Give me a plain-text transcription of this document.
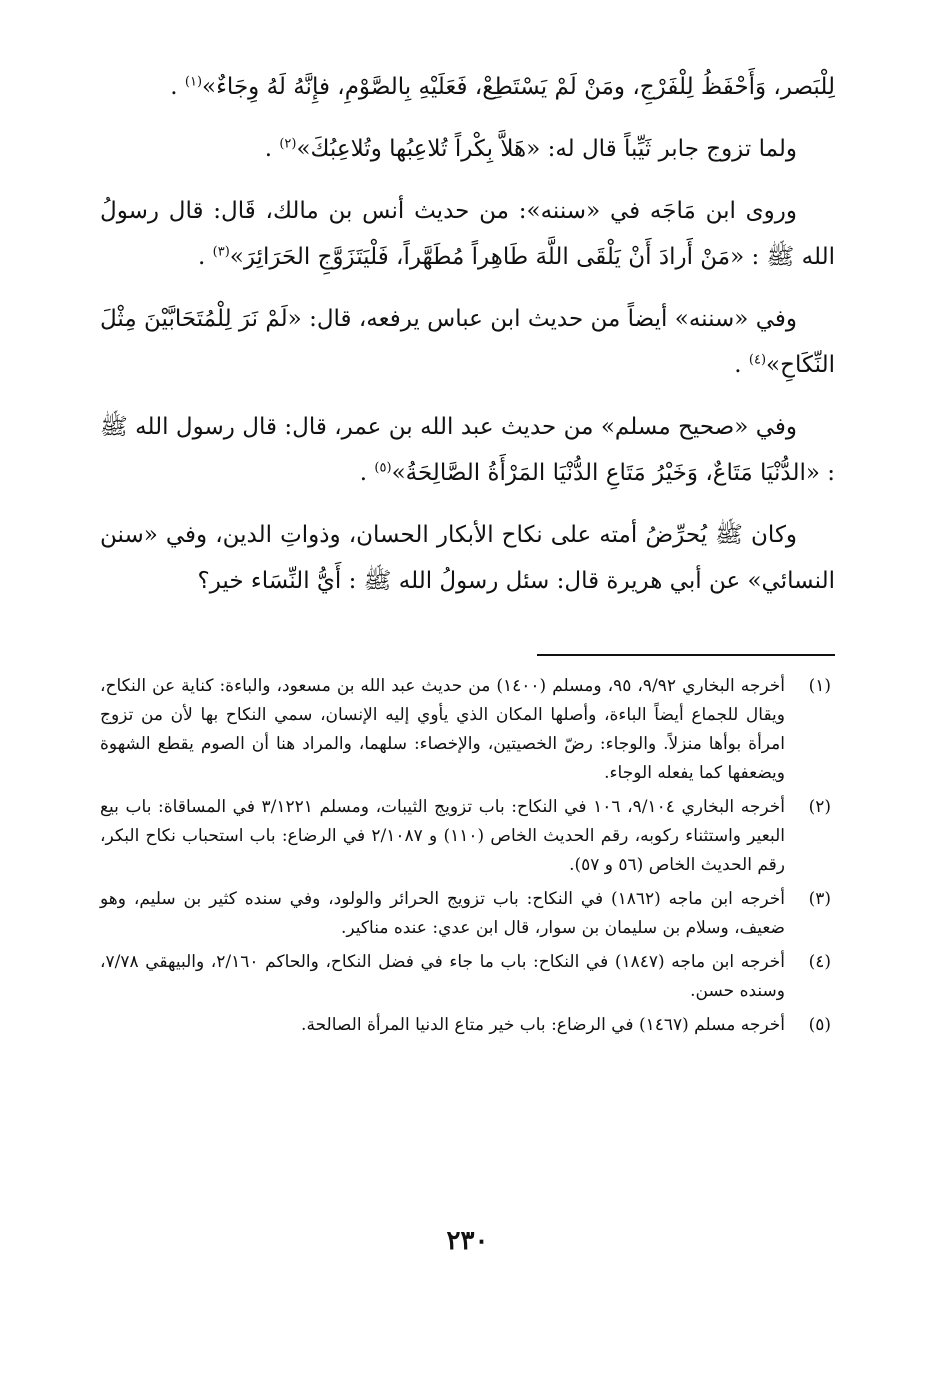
لِلْبَصر، وَأَحْفَظُ لِلْفَرْجِ، ومَنْ لَمْ يَسْتَطِعْ، فَعَلَيْهِ بِالصَّوْمِ، فإِنَّهُ لَهُ وِجَاءٌ»$^{(١)}$ .

ولما تزوج جابر ثَيِّباً قال له: «هَلاَّ بِكْراً تُلاعِبُها وتُلاعِبُكَ»$^{(٢)}$ .

وروى ابن مَاجَه في «سننه»: من حديث أنس بن مالك، قَال: قال رسولُ الله ﷺ : «مَنْ أَرادَ أَنْ يَلْقَى اللَّهَ طَاهِراً مُطَهَّراً، فَلْيَتَزَوَّجِ الحَرَائِرَ»$^{(٣)}$ .

وفي «سننه» أيضاً من حديث ابن عباس يرفعه، قال: «لَمْ نَرَ لِلْمُتَحَابَّيْنَ مِثْلَ النِّكَاحِ»$^{(٤)}$ .

وفي «صحيح مسلم» من حديث عبد الله بن عمر، قال: قال رسول الله ﷺ : «الدُّنْيَا مَتَاعٌ، وَخَيْرُ مَتَاعِ الدُّنْيَا المَرْأَةُ الصَّالِحَةُ»$^{(٥)}$ .

وكان ﷺ يُحرِّضُ أمته على نكاح الأبكار الحسان، وذواتِ الدين، وفي «سنن النسائي» عن أبي هريرة قال: سئل رسولُ الله ﷺ : أَيُّ النِّسَاء خير؟

(١)
أخرجه البخاري ٩/٩٢، ٩٥، ومسلم (١٤٠٠) من حديث عبد الله بن مسعود، والباءة: كناية عن النكاح، ويقال للجماع أيضاً الباءة، وأصلها المكان الذي يأوي إليه الإنسان، سمي النكاح بها لأن من تزوج امرأة بوأها منزلاً. والوجاء: رضّ الخصيتين، والإخصاء: سلهما، والمراد هنا أن الصوم يقطع الشهوة ويضعفها كما يفعله الوجاء.
(٢)
أخرجه البخاري ٩/١٠٤، ١٠٦ في النكاح: باب تزويج الثيبات، ومسلم ٣/١٢٢١ في المساقاة: باب بيع البعير واستثناء ركوبه، رقم الحديث الخاص (١١٠) و ٢/١٠٨٧ في الرضاع: باب استحباب نكاح البكر، رقم الحديث الخاص (٥٦ و ٥٧).
(٣)
أخرجه ابن ماجه (١٨٦٢) في النكاح: باب تزويج الحرائر والولود، وفي سنده كثير بن سليم، وهو ضعيف، وسلام بن سليمان بن سوار، قال ابن عدي: عنده مناكير.
(٤)
أخرجه ابن ماجه (١٨٤٧) في النكاح: باب ما جاء في فضل النكاح، والحاكم ٢/١٦٠، والبيهقي ٧/٧٨، وسنده حسن.
(٥)
أخرجه مسلم (١٤٦٧) في الرضاع: باب خير متاع الدنيا المرأة الصالحة.
٢٣٠
